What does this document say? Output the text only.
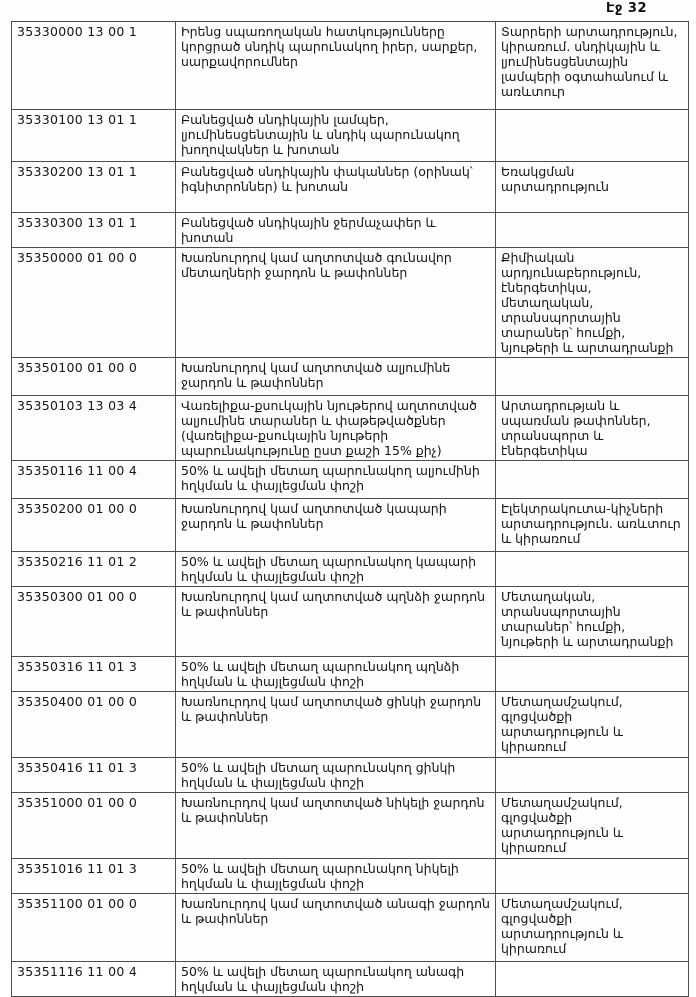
Էջ 32
35330000 13 00 1	Իրենց սպառողական հատկությունները կորցրած սնդիկ պարունակող իրեր, սարքեր, սարքավորումներ	Տարրերի արտադրություն, կիրառում. սնդիկային և լյումինեսցենտային լամպերի օգտահանում և առևտուր
35330100 13 01 1	Բանեցված սնդիկային լամպեր, լյումինեսցենտային և սնդիկ պարունակող խողովակներ և խոտան	
35330200 13 01 1	Բանեցված սնդիկային փականներ (օրինակ՝ իգնիտրոններ) և խոտան	Եռակցման արտադրություն
35330300 13 01 1	Բանեցված սնդիկային ջերմաչափեր և խոտան	
35350000 01 00 0	Խառնուրդով կամ աղտոտված գունավոր մետաղների ջարդոն և թափոններ	Քիմիական արդյունաբերություն, էներգետիկա, մետաղական, տրանսպորտային տարաներ՝ հումքի, նյութերի և արտադրանքի
35350100 01 00 0	Խառնուրդով կամ աղտոտված ալյումինե ջարդոն և թափոններ	
35350103 13 03 4	Վառելիքա-քսուկային նյութերով աղտոտված ալյումինե տարաներ և փաթեթվածքներ (վառելիքա-քսուկային նյութերի պարունակությունը ըստ քաշի 15% քիչ)	Արտադրության և սպառման թափոններ, տրանսպորտ և էներգետիկա
35350116 11 00 4	50% և ավելի մետաղ պարունակող ալյումինի հղկման և փայլեցման փոշի	
35350200 01 00 0	Խառնուրդով կամ աղտոտված կապարի ջարդոն և թափոններ	Էլեկտրակուտա-կիչների արտադրություն. առևտուր և կիրառում
35350216 11 01 2	50% և ավելի մետաղ պարունակող կապարի հղկման և փայլեցման փոշի	
35350300 01 00 0	Խառնուրդով կամ աղտոտված պղնձի ջարդոն և թափոններ	Մետաղական, տրանսպորտային տարաներ՝ հումքի, նյութերի և արտադրանքի
35350316 11 01 3	50% և ավելի մետաղ պարունակող պղնձի հղկման և փայլեցման փոշի	
35350400 01 00 0	Խառնուրդով կամ աղտոտված ցինկի ջարդոն և թափոններ	Մետաղամշակում, գլոցվածքի արտադրություն և կիրառում
35350416 11 01 3	50% և ավելի մետաղ պարունակող ցինկի հղկման և փայլեցման փոշի	
35351000 01 00 0	Խառնուրդով կամ աղտոտված նիկելի ջարդոն և թափոններ	Մետաղամշակում, գլոցվածքի արտադրություն և կիրառում
35351016 11 01 3	50% և ավելի մետաղ պարունակող նիկելի հղկման և փայլեցման փոշի	
35351100 01 00 0	Խառնուրդով կամ աղտոտված անագի ջարդոն և թափոններ	Մետաղամշակում, գլոցվածքի արտադրություն և կիրառում
35351116 11 00 4	50% և ավելի մետաղ պարունակող անագի հղկման և փայլեցման փոշի	
